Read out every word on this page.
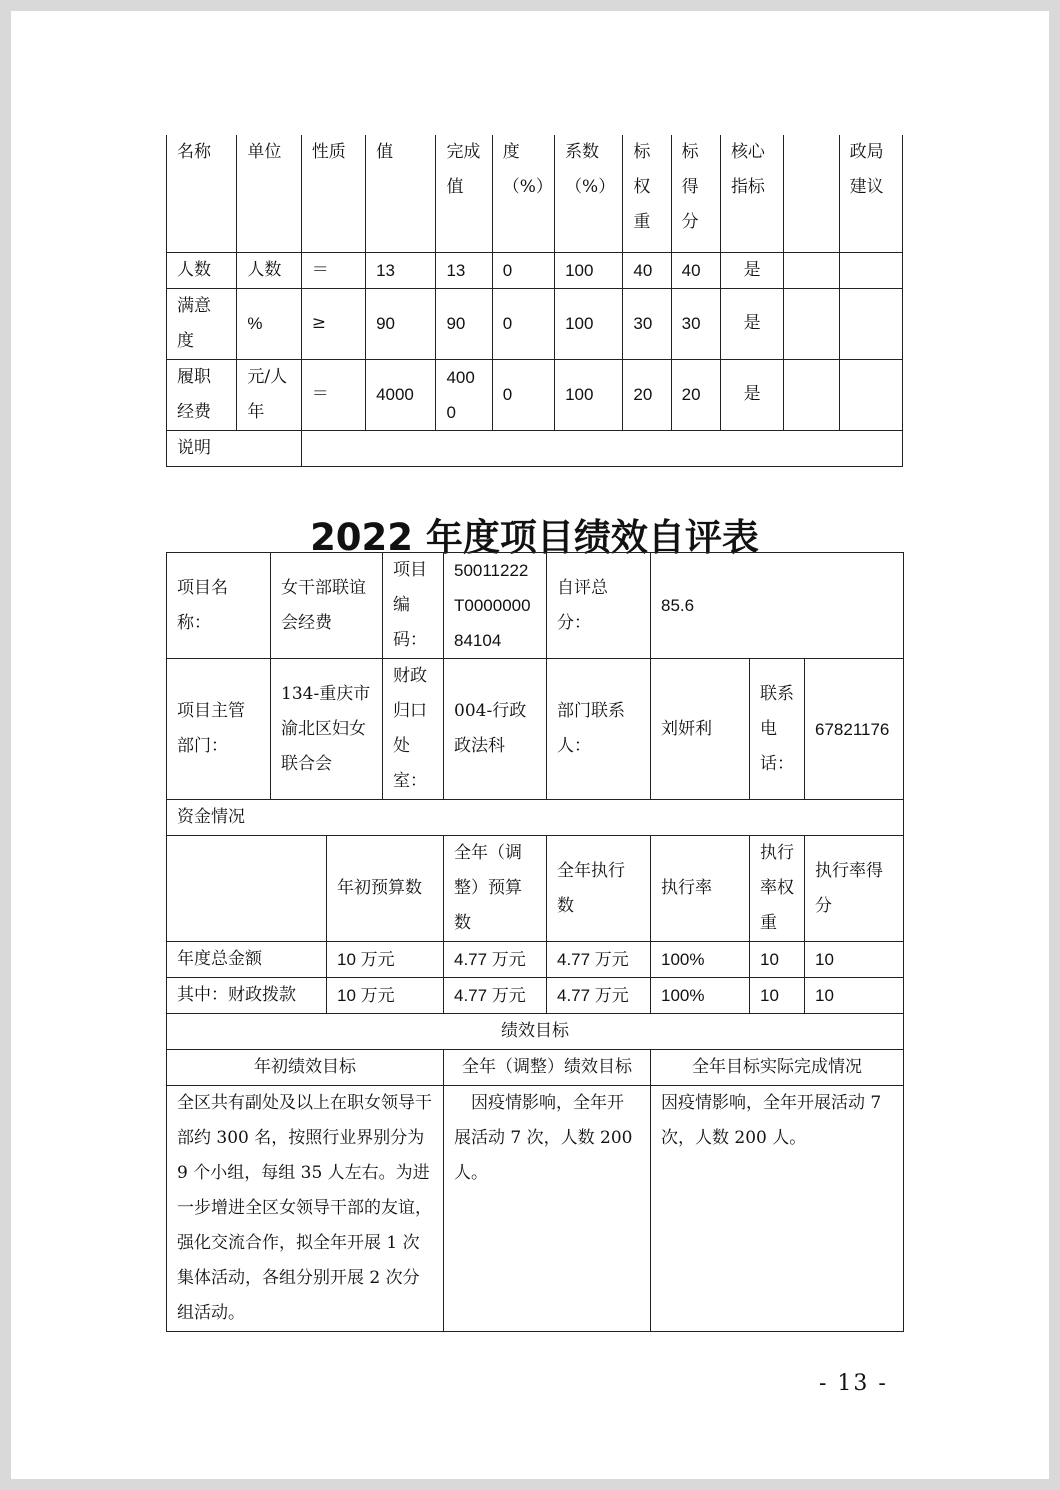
名称	单位	性质	值	完成值	度（%）	系数（%）	标权重	标得分	核心指标		政局建议
人数	人数	＝	13	13	0	100	40	40	是		
满意度	%	≥	90	90	0	100	30	30	是		
履职经费	元/人年	＝	4000	4000	0	100	20	20	是		
说明											
2022 年度项目绩效自评表
项目名称：	女干部联谊会经费		项目编码：	50011222T000000084104	自评总分：	85.6		
项目主管部门：	134-重庆市渝北区妇女联合会		财政归口处室：	004-行政政法科	部门联系人：	刘妍利	联系电话：	67821176
资金情况								
		年初预算数		全年（调整）预算数	全年执行数	执行率	执行率权重	执行率得分
年度总金额		10 万元		4.77 万元	4.77 万元	100%	10	10
其中：财政拨款		10 万元		4.77 万元	4.77 万元	100%	10	10
绩效目标								
年初绩效目标				全年（调整）绩效目标		全年目标实际完成情况		
全区共有副处及以上在职女领导干部约 300 名，按照行业界别分为 9 个小组，每组 35 人左右。为进一步增进全区女领导干部的友谊，强化交流合作，拟全年开展 1 次集体活动，各组分别开展 2 次分组活动。				　因疫情影响，全年开展活动 7 次，人数 200 人。		因疫情影响，全年开展活动 7 次，人数 200 人。		
- 13 -
